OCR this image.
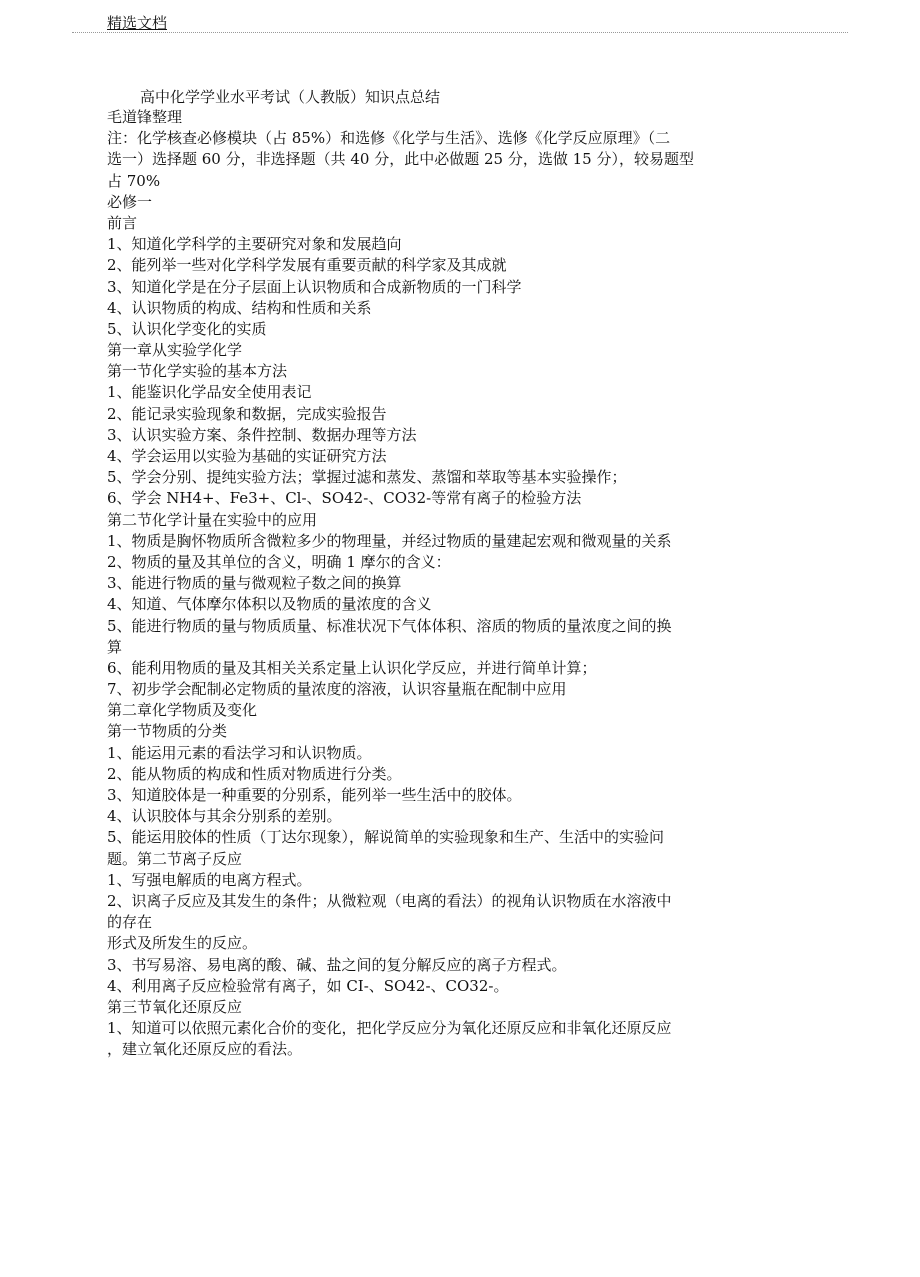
精选文档
高中化学学业水平考试（人教版）知识点总结
毛道锋整理
注：化学核查必修模块（占 85%）和选修《化学与生活》、选修《化学反应原理》（二
选一）选择题 60 分，非选择题（共 40 分，此中必做题 25 分，选做 15 分），较易题型
占 70%
必修一
前言
1、知道化学科学的主要研究对象和发展趋向
2、能列举一些对化学科学发展有重要贡献的科学家及其成就
3、知道化学是在分子层面上认识物质和合成新物质的一门科学
4、认识物质的构成、结构和性质和关系
5、认识化学变化的实质
第一章从实验学化学
第一节化学实验的基本方法
1、能鉴识化学品安全使用表记
2、能记录实验现象和数据，完成实验报告
3、认识实验方案、条件控制、数据办理等方法
4、学会运用以实验为基础的实证研究方法
5、学会分别、提纯实验方法；掌握过滤和蒸发、蒸馏和萃取等基本实验操作；
6、学会 NH4+、Fe3+、Cl-、SO42-、CO32-等常有离子的检验方法
第二节化学计量在实验中的应用
1、物质是胸怀物质所含微粒多少的物理量，并经过物质的量建起宏观和微观量的关系
2、物质的量及其单位的含义，明确 1 摩尔的含义：
3、能进行物质的量与微观粒子数之间的换算
4、知道、气体摩尔体积以及物质的量浓度的含义
5、能进行物质的量与物质质量、标准状况下气体体积、溶质的物质的量浓度之间的换
算
6、能利用物质的量及其相关关系定量上认识化学反应，并进行简单计算；
7、初步学会配制必定物质的量浓度的溶液，认识容量瓶在配制中应用
第二章化学物质及变化
第一节物质的分类
1、能运用元素的看法学习和认识物质。
2、能从物质的构成和性质对物质进行分类。
3、知道胶体是一种重要的分别系，能列举一些生活中的胶体。
4、认识胶体与其余分别系的差别。
5、能运用胶体的性质（丁达尔现象），解说简单的实验现象和生产、生活中的实验问
题。第二节离子反应
1、写强电解质的电离方程式。
2、识离子反应及其发生的条件；从微粒观（电离的看法）的视角认识物质在水溶液中
的存在
形式及所发生的反应。
3、书写易溶、易电离的酸、碱、盐之间的复分解反应的离子方程式。
4、利用离子反应检验常有离子，如 CI-、SO42-、CO32-。
第三节氧化还原反应
1、知道可以依照元素化合价的变化，把化学反应分为氧化还原反应和非氧化还原反应
，建立氧化还原反应的看法。
